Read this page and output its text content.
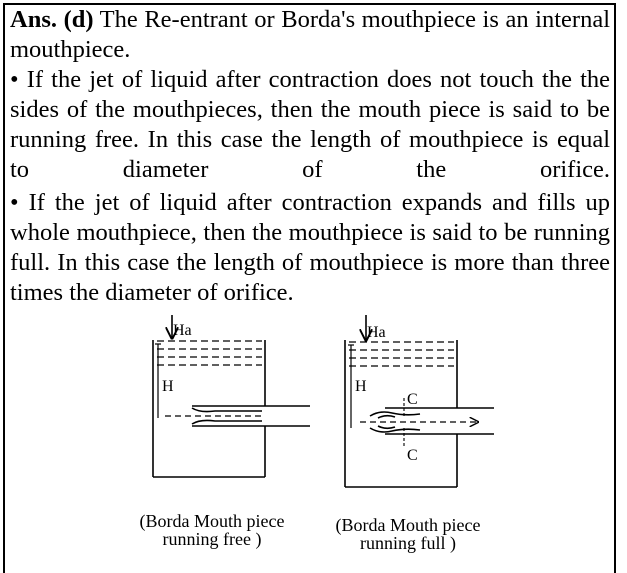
Ans. (d) The Re-entrant or Borda's mouthpiece is an internal mouthpiece.

• If the jet of liquid after contraction does not touch the the sides of the mouthpieces, then the mouth piece is said to be running free. In this case the length of mouthpiece is equal to diameter of the orifice.

• If the jet of liquid after contraction expands and fills up whole mouthpiece, then the mouthpiece is said to be running full. In this case the length of mouthpiece is more than three times the diameter of orifice.

Ha
H
Ha
H
C
C
(Borda Mouth piece
running free )
(Borda Mouth piece
running full )
